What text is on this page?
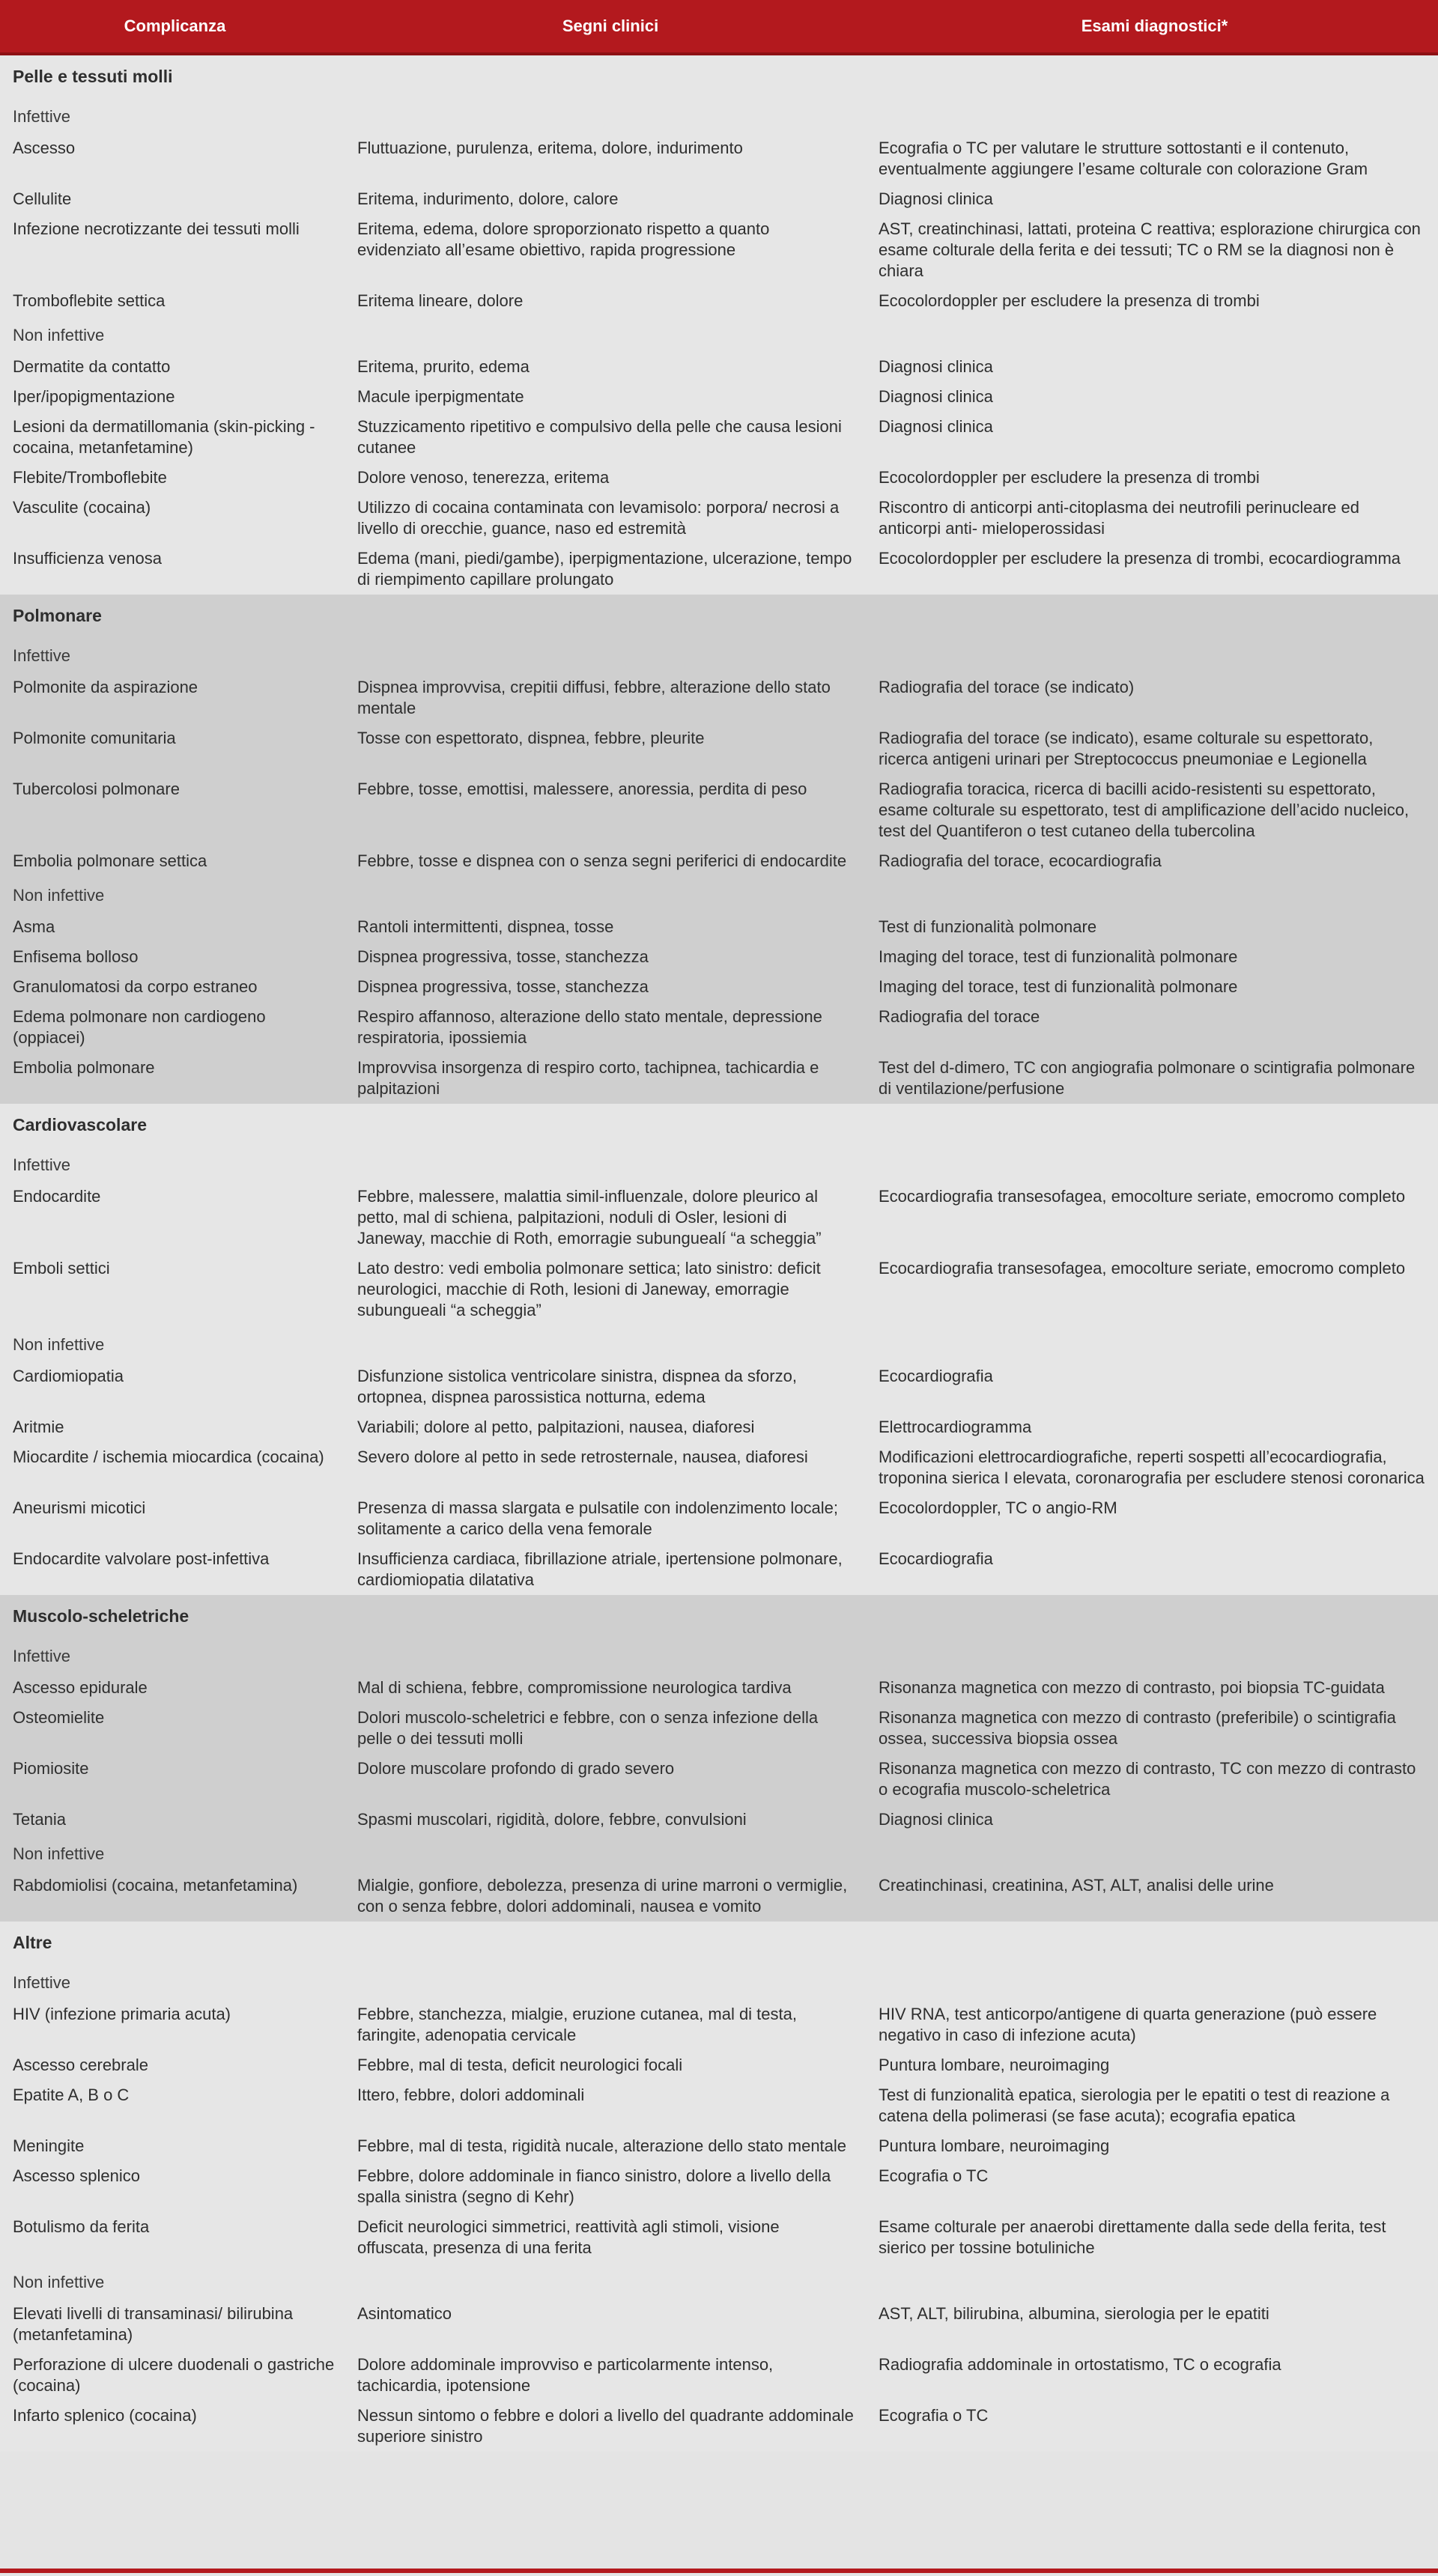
Complicanza	Segni clinici	Esami diagnostici*
Pelle e tessuti molli		
Infettive		
Ascesso	Fluttuazione, purulenza, eritema, dolore, indurimento	Ecografia o TC per valutare le strutture sottostanti e il contenuto, eventualmente aggiungere l’esame colturale con colorazione Gram
Cellulite	Eritema, indurimento, dolore, calore	Diagnosi clinica
Infezione necrotizzante dei tessuti molli	Eritema, edema, dolore sproporzionato rispetto a quanto evidenziato all’esame obiettivo, rapida progressione	AST, creatinchinasi, lattati, proteina C reattiva; esplorazione chirurgica con esame colturale della ferita e dei tessuti; TC o RM se la diagnosi non è chiara
Tromboflebite settica	Eritema lineare, dolore	Ecocolordoppler per escludere la presenza di trombi
Non infettive		
Dermatite da contatto	Eritema, prurito, edema	Diagnosi clinica
Iper/ipopigmentazione	Macule iperpigmentate	Diagnosi clinica
Lesioni da dermatillomania (skin-picking - cocaina, metanfetamine)	Stuzzicamento ripetitivo e compulsivo della pelle che causa lesioni cutanee	Diagnosi clinica
Flebite/Tromboflebite	Dolore venoso, tenerezza, eritema	Ecocolordoppler per escludere la presenza di trombi
Vasculite (cocaina)	Utilizzo di cocaina contaminata con levamisolo: porpora/ necrosi a livello di orecchie, guance, naso ed estremità	Riscontro di anticorpi anti-citoplasma dei neutrofili perinucleare ed anticorpi anti- mieloperossidasi
Insufficienza venosa	Edema (mani, piedi/gambe), iperpigmentazione, ulcerazione, tempo di riempimento capillare prolungato	Ecocolordoppler per escludere la presenza di trombi, ecocardiogramma
Polmonare		
Infettive		
Polmonite da aspirazione	Dispnea improvvisa, crepitii diffusi, febbre, alterazione dello stato mentale	Radiografia del torace (se indicato)
Polmonite comunitaria	Tosse con espettorato, dispnea, febbre, pleurite	Radiografia del torace (se indicato), esame colturale su espettorato, ricerca antigeni urinari per Streptococcus pneumoniae e Legionella
Tubercolosi polmonare	Febbre, tosse, emottisi, malessere, anoressia, perdita di peso	Radiografia toracica, ricerca di bacilli acido-resistenti su espettorato, esame colturale su espettorato, test di amplificazione dell’acido nucleico, test del Quantiferon o test cutaneo della tubercolina
Embolia polmonare settica	Febbre, tosse e dispnea con o senza segni periferici di endocardite	Radiografia del torace, ecocardiografia
Non infettive		
Asma	Rantoli intermittenti, dispnea, tosse	Test di funzionalità polmonare
Enfisema bolloso	Dispnea progressiva, tosse, stanchezza	Imaging del torace, test di funzionalità polmonare
Granulomatosi da corpo estraneo	Dispnea progressiva, tosse, stanchezza	Imaging del torace, test di funzionalità polmonare
Edema polmonare non cardiogeno (oppiacei)	Respiro affannoso, alterazione dello stato mentale, depressione respiratoria, ipossiemia	Radiografia del torace
Embolia polmonare	Improvvisa insorgenza di respiro corto, tachipnea, tachicardia e palpitazioni	Test del d-dimero, TC con angiografia polmonare o scintigrafia polmonare di ventilazione/perfusione
Cardiovascolare		
Infettive		
Endocardite	Febbre, malessere, malattia simil-influenzale, dolore pleurico al petto, mal di schiena, palpitazioni, noduli di Osler, lesioni di Janeway, macchie di Roth, emorragie subunguealí “a scheggia”	Ecocardiografia transesofagea, emocolture seriate, emocromo completo
Emboli settici	Lato destro: vedi embolia polmonare settica; lato sinistro: deficit neurologici, macchie di Roth, lesioni di Janeway, emorragie subungueali “a scheggia”	Ecocardiografia transesofagea, emocolture seriate, emocromo completo
Non infettive		
Cardiomiopatia	Disfunzione sistolica ventricolare sinistra, dispnea da sforzo, ortopnea, dispnea parossistica notturna, edema	Ecocardiografia
Aritmie	Variabili; dolore al petto, palpitazioni, nausea, diaforesi	Elettrocardiogramma
Miocardite / ischemia miocardica (cocaina)	Severo dolore al petto in sede retrosternale, nausea, diaforesi	Modificazioni elettrocardiografiche, reperti sospetti all’ecocardiografia, troponina sierica I elevata, coronarografia per escludere stenosi coronarica
Aneurismi micotici	Presenza di massa slargata e pulsatile con indolenzimento locale; solitamente a carico della vena femorale	Ecocolordoppler, TC o angio-RM
Endocardite valvolare post-infettiva	Insufficienza cardiaca, fibrillazione atriale, ipertensione polmonare, cardiomiopatia dilatativa	Ecocardiografia
Muscolo-scheletriche		
Infettive		
Ascesso epidurale	Mal di schiena, febbre, compromissione neurologica tardiva	Risonanza magnetica con mezzo di contrasto, poi biopsia TC-guidata
Osteomielite	Dolori muscolo-scheletrici e febbre, con o senza infezione della pelle o dei tessuti molli	Risonanza magnetica con mezzo di contrasto (preferibile) o scintigrafia ossea, successiva biopsia ossea
Piomiosite	Dolore muscolare profondo di grado severo	Risonanza magnetica con mezzo di contrasto, TC con mezzo di contrasto o ecografia muscolo-scheletrica
Tetania	Spasmi muscolari, rigidità, dolore, febbre, convulsioni	Diagnosi clinica
Non infettive		
Rabdomiolisi (cocaina, metanfetamina)	Mialgie, gonfiore, debolezza, presenza di urine marroni o vermiglie, con o senza febbre, dolori addominali, nausea e vomito	Creatinchinasi, creatinina, AST, ALT, analisi delle urine
Altre		
Infettive		
HIV (infezione primaria acuta)	Febbre, stanchezza, mialgie, eruzione cutanea, mal di testa, faringite, adenopatia cervicale	HIV RNA, test anticorpo/antigene di quarta generazione (può essere negativo in caso di infezione acuta)
Ascesso cerebrale	Febbre, mal di testa, deficit neurologici focali	Puntura lombare, neuroimaging
Epatite A, B o C	Ittero, febbre, dolori addominali	Test di funzionalità epatica, sierologia per le epatiti o test di reazione a catena della polimerasi (se fase acuta); ecografia epatica
Meningite	Febbre, mal di testa, rigidità nucale, alterazione dello stato mentale	Puntura lombare, neuroimaging
Ascesso splenico	Febbre, dolore addominale in fianco sinistro, dolore a livello della spalla sinistra (segno di Kehr)	Ecografia o TC
Botulismo da ferita	Deficit neurologici simmetrici, reattività agli stimoli, visione offuscata, presenza di una ferita	Esame colturale per anaerobi direttamente dalla sede della ferita, test sierico per tossine botuliniche
Non infettive		
Elevati livelli di transaminasi/ bilirubina (metanfetamina)	Asintomatico	AST, ALT, bilirubina, albumina, sierologia per le epatiti
Perforazione di ulcere duodenali o gastriche (cocaina)	Dolore addominale improvviso e particolarmente intenso, tachicardia, ipotensione	Radiografia addominale in ortostatismo, TC o ecografia
Infarto splenico (cocaina)	Nessun sintomo o febbre e dolori a livello del quadrante addominale superiore sinistro	Ecografia o TC
